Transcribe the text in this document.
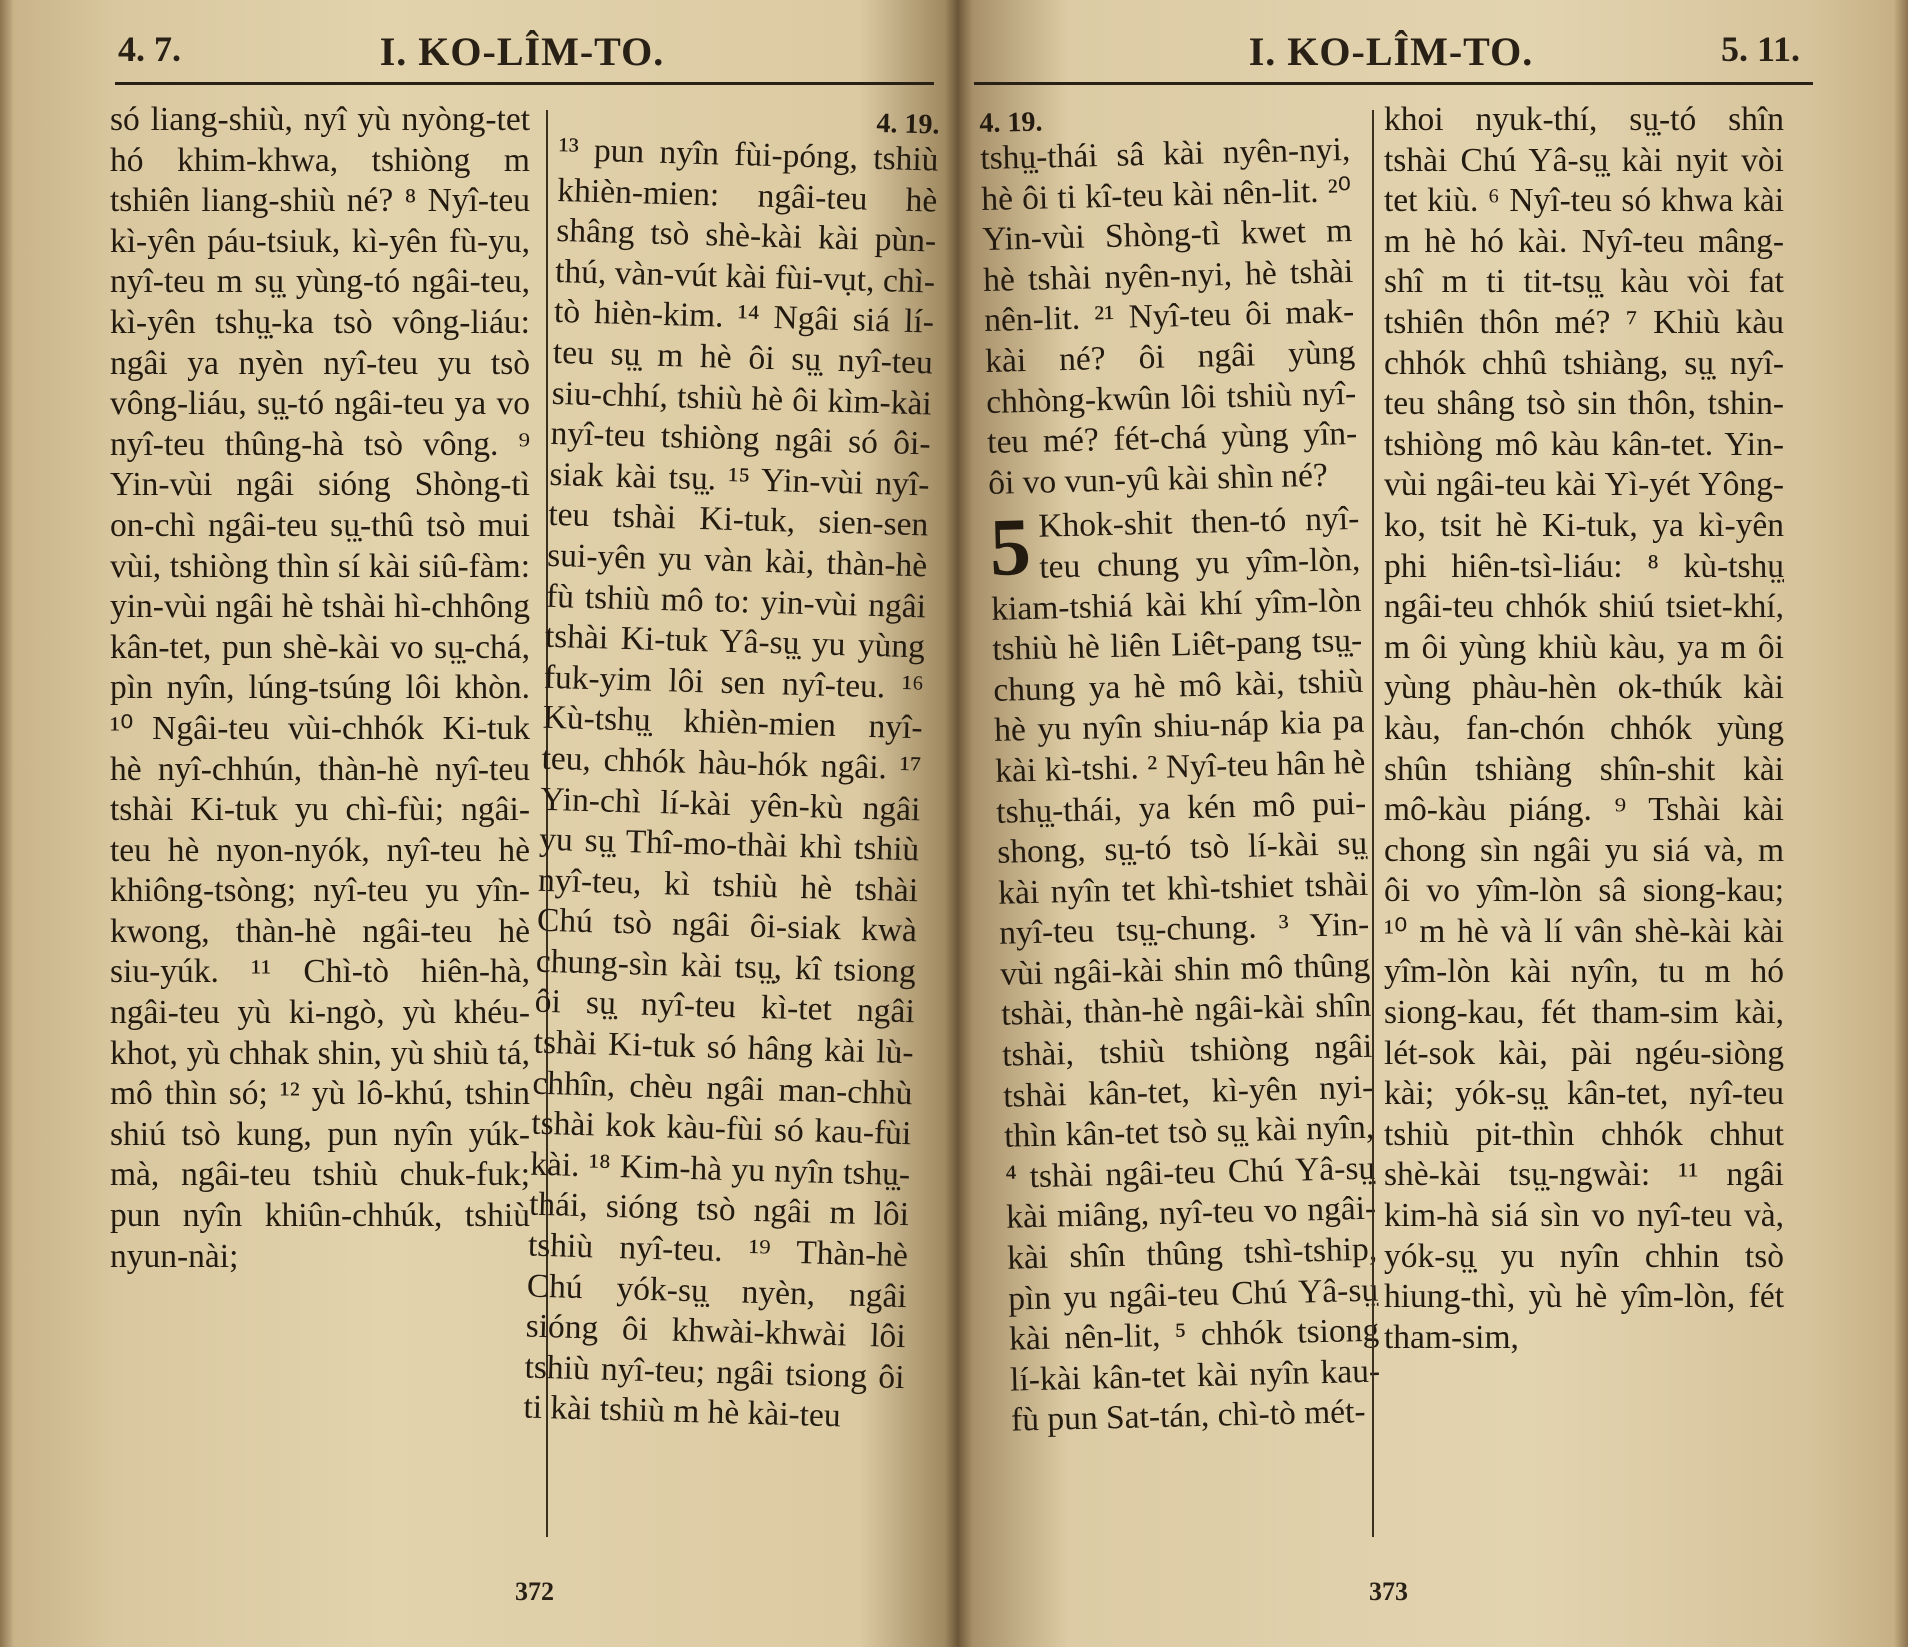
4. 7.	I. KO-LÎM-TO.

só liang-shiù, nyî yù nyòng-tet hó khim-khwa, tshiòng m tshiên liang-shiù né? ⁸ Nyî-teu kì-yên páu-tsiuk, kì-yên fù-yu, nyî-teu m sṳ̣ yùng-tó ngâi-teu, kì-yên tshṳ̣-ka tsò vông-liáu: ngâi ya nyèn nyî-teu yu tsò vông-liáu, sṳ̣-tó ngâi-teu ya vo nyî-teu thûng-hà tsò vông. ⁹ Yin-vùi ngâi sióng Shòng-tì on-chì ngâi-teu sṳ̣-thû tsò mui vùi, tshiòng thìn sí kài siû-fàm: yin-vùi ngâi hè tshài hì-chhông kân-tet, pun shè-kài vo sṳ̣-chá, pìn nyîn, lúng-tsúng lôi khòn. ¹⁰ Ngâi-teu vùi-chhók Ki-tuk hè nyî-chhún, thàn-hè nyî-teu tshài Ki-tuk yu chì-fùi; ngâi-teu hè nyon-nyók, nyî-teu hè khiông-tsòng; nyî-teu yu yîn-kwong, thàn-hè ngâi-teu hè siu-yúk. ¹¹ Chì-tò hiên-hà, ngâi-teu yù ki-ngò, yù khéu-khot, yù chhak shin, yù shiù tá, mô thìn só; ¹² yù lô-khú, tshin shiú tsò kung, pun nyîn yúk-mà, ngâi-teu tshiù chuk-fuk; pun nyîn khiûn-chhúk, tshiù nyun-nài;

4. 19.

¹³ pun nyîn fùi-póng, tshiù khièn-mien: ngâi-teu hè shâng tsò shè-kài kài pùn-thú, vàn-vút kài fùi-vụt, chì-tò hièn-kim. ¹⁴ Ngâi siá lí-teu sṳ̣ m hè ôi sṳ̣ nyî-teu siu-chhí, tshiù hè ôi kìm-kài nyî-teu tshiòng ngâi só ôi-siak kài tsṳ̣. ¹⁵ Yin-vùi nyî-teu tshài Ki-tuk, sien-sen sui-yên yu vàn kài, thàn-hè fù tshiù mô to: yin-vùi ngâi tshài Ki-tuk Yâ-sṳ̣ yu yùng fuk-yim lôi sen nyî-teu. ¹⁶ Kù-tshṳ̣ khièn-mien nyî-teu, chhók hàu-hók ngâi. ¹⁷ Yin-chì lí-kài yên-kù ngâi yu sṳ̣ Thî-mo-thài khì tshiù nyî-teu, kì tshiù hè tshài Chú tsò ngâi ôi-siak kwà chung-sìn kài tsṳ̣, kî tsiong ôi sṳ̣ nyî-teu kì-tet ngâi tshài Ki-tuk só hâng kài lù-chhîn, chèu ngâi man-chhù tshài kok kàu-fùi só kau-fùi kài. ¹⁸ Kim-hà yu nyîn tshṳ̣-thái, sióng tsò ngâi m lôi tshiù nyî-teu. ¹⁹ Thàn-hè Chú yók-sṳ̣ nyèn, ngâi sióng ôi khwài-khwài lôi tshiù nyî-teu; ngâi tsiong ôi ti kài tshiù m hè kài-teu

372
I. KO-LÎM-TO.	5. 11.
4. 19.

tshṳ̣-thái sâ kài nyên-nyi, hè ôi ti kî-teu kài nên-lit. ²⁰ Yin-vùi Shòng-tì kwet m hè tshài nyên-nyi, hè tshài nên-lit. ²¹ Nyî-teu ôi mak-kài né? ôi ngâi yùng chhòng-kwûn lôi tshiù nyî-teu mé? fét-chá yùng yîn-ôi vo vun-yû kài shìn né?

5 Khok-shit then-tó nyî-teu chung yu yîm-lòn, kiam-tshiá kài khí yîm-lòn tshiù hè liên Liêt-pang tsṳ̣-chung ya hè mô kài, tshiù hè yu nyîn shiu-náp kia pa kài kì-tshi. ² Nyî-teu hân hè tshṳ̣-thái, ya kén mô pui-shong, sṳ̣-tó tsò lí-kài sṳ̣ kài nyîn tet khì-tshiet tshài nyî-teu tsṳ̣-chung. ³ Yin-vùi ngâi-kài shin mô thûng tshài, thàn-hè ngâi-kài shîn tshài, tshiù tshiòng ngâi tshài kân-tet, kì-yên nyi-thìn kân-tet tsò sṳ̣ kài nyîn, ⁴ tshài ngâi-teu Chú Yâ-sṳ̣ kài miâng, nyî-teu vo ngâi-kài shîn thûng tshì-tship, pìn yu ngâi-teu Chú Yâ-sṳ̣ kài nên-lit, ⁵ chhók tsiong lí-kài kân-tet kài nyîn kau-fù pun Sat-tán, chì-tò mét-

khoi nyuk-thí, sṳ̣-tó shîn tshài Chú Yâ-sṳ̣ kài nyit vòi tet kiù. ⁶ Nyî-teu só khwa kài m hè hó kài. Nyî-teu mâng-shî m ti tit-tsṳ̣ kàu vòi fat tshiên thôn mé? ⁷ Khiù kàu chhók chhû tshiàng, sṳ̣ nyî-teu shâng tsò sin thôn, tshin-tshiòng mô kàu kân-tet. Yin-vùi ngâi-teu kài Yì-yét Yông-ko, tsit hè Ki-tuk, ya kì-yên phi hiên-tsì-liáu: ⁸ kù-tshṳ̣ ngâi-teu chhók shiú tsiet-khí, m ôi yùng khiù kàu, ya m ôi yùng phàu-hèn ok-thúk kài kàu, fan-chón chhók yùng shûn tshiàng shîn-shit kài mô-kàu piáng. ⁹ Tshài kài chong sìn ngâi yu siá và, m ôi vo yîm-lòn sâ siong-kau; ¹⁰ m hè và lí vân shè-kài kài yîm-lòn kài nyîn, tu m hó siong-kau, fét tham-sim kài, lét-sok kài, pài ngéu-siòng kài; yók-sṳ̣ kân-tet, nyî-teu tshiù pit-thìn chhók chhut shè-kài tsṳ̣-ngwài: ¹¹ ngâi kim-hà siá sìn vo nyî-teu và, yók-sṳ̣ yu nyîn chhin tsò hiung-thì, yù hè yîm-lòn, fét tham-sim,

373
